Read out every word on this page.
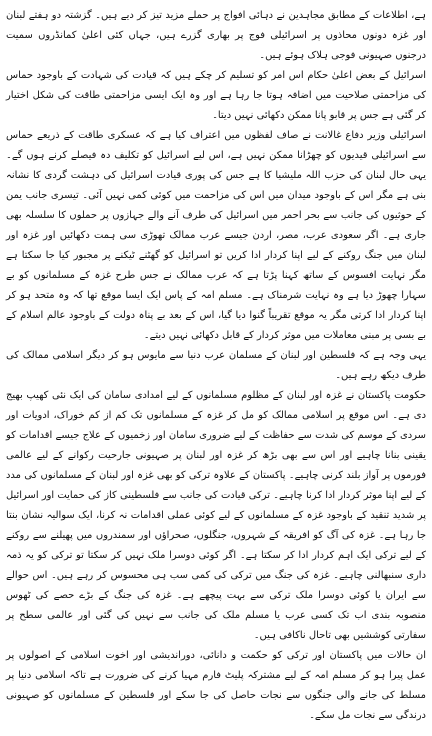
ہے، اطلاعات کے مطابق مجاہدین نے دہائی افواج پر حملے مزید تیز کر دیے ہیں۔ گزشتہ دو ہفتے لبنان اور غزہ دونوں محاذوں پر اسرائیلی فوج پر بھاری گزرے ہیں، جہاں کئی اعلیٰ کمانڈروں سمیت درجنوں صہیونی فوجی ہلاک ہوئے ہیں۔

اسرائیل کے بعض اعلیٰ حکام اس امر کو تسلیم کر چکے ہیں کہ قیادت کی شہادت کے باوجود حماس کی مزاحمتی صلاحیت میں اضافہ ہوتا جا رہا ہے اور وہ ایک ایسی مزاحمتی طاقت کی شکل اختیار کر گئی ہے جس پر قابو پانا ممکن دکھائی نہیں دیتا۔

اسرائیلی وزیر دفاع غالانت نے صاف لفظوں میں اعتراف کیا ہے کہ عسکری طاقت کے ذریعے حماس سے اسرائیلی قیدیوں کو چھڑانا ممکن نہیں ہے، اس لیے اسرائیل کو تکلیف دہ فیصلے کرنے ہوں گے۔ یہی حال لبنان کی حزب اللہ ملیشیا کا ہے جس کی پوری قیادت اسرائیل کی دہشت گردی کا نشانہ بنی ہے مگر اس کے باوجود میدان میں اس کی مزاحمت میں کوئی کمی نہیں آئی۔ تیسری جانب یمن کے حوثیوں کی جانب سے بحر احمر میں اسرائیل کی طرف آنے والے جہازوں پر حملوں کا سلسلہ بھی جاری ہے۔ اگر سعودی عرب، مصر، اردن جیسے عرب ممالک تھوڑی سی ہمت دکھائیں اور غزہ اور لبنان میں جنگ روکنے کے لیے اپنا کردار ادا کریں تو اسرائیل کو گھٹنے ٹیکنے پر مجبور کیا جا سکتا ہے مگر نہایت افسوس کے ساتھ کہنا پڑتا ہے کہ عرب ممالک نے جس طرح غزہ کے مسلمانوں کو بے سہارا چھوڑ دیا ہے وہ نہایت شرمناک ہے۔ مسلم امہ کے پاس ایک ایسا موقع تھا کہ وہ متحد ہو کر اپنا کردار ادا کرتی مگر یہ موقع تقریباً گنوا دیا گیا، اس کے بعد بے پناہ دولت کے باوجود عالم اسلام کے بے بسی پر مبنی معاملات میں موثر کردار کے قابل دکھائی نہیں دیتے۔

یہی وجہ ہے کہ فلسطین اور لبنان کے مسلمان عرب دنیا سے مایوس ہو کر دیگر اسلامی ممالک کی طرف دیکھ رہے ہیں۔

حکومت پاکستان نے غزہ اور لبنان کے مظلوم مسلمانوں کے لیے امدادی سامان کی ایک نئی کھیپ بھیج دی ہے۔ اس موقع پر اسلامی ممالک کو مل کر غزہ کے مسلمانوں تک کم از کم خوراک، ادویات اور سردی کے موسم کی شدت سے حفاظت کے لیے ضروری سامان اور زخمیوں کے علاج جیسے اقدامات کو یقینی بنانا چاہیے اور اس سے بھی بڑھ کر غزہ اور لبنان پر صہیونی جارحیت رکوانے کے لیے عالمی فورموں پر آواز بلند کرنی چاہیے۔ پاکستان کے علاوہ ترکی کو بھی غزہ اور لبنان کے مسلمانوں کی مدد کے لیے اپنا موثر کردار ادا کرنا چاہیے۔ ترکی قیادت کی جانب سے فلسطینی کاز کی حمایت اور اسرائیل پر شدید تنقید کے باوجود غزہ کے مسلمانوں کے لیے کوئی عملی اقدامات نہ کرنا، ایک سوالیہ نشان بنتا جا رہا ہے۔ غزہ کی آگ کو افریقہ کے شہروں، جنگلوں، صحراؤں اور سمندروں میں پھیلنے سے روکنے کے لیے ترکی ایک اہم کردار ادا کر سکتا ہے۔ اگر کوئی دوسرا ملک نہیں کر سکتا تو ترکی کو یہ ذمہ داری سنبھالنی چاہیے۔ غزہ کی جنگ میں ترکی کی کمی سب ہی محسوس کر رہے ہیں۔ اس حوالے سے ایران یا کوئی دوسرا ملک ترکی سے بہت پیچھے ہے۔ غزہ کی جنگ کے بڑے حصے کی ٹھوس منصوبہ بندی اب تک کسی عرب یا مسلم ملک کی جانب سے نہیں کی گئی اور عالمی سطح پر سفارتی کوششیں بھی تاحال ناکافی ہیں۔

ان حالات میں پاکستان اور ترکی کو حکمت و دانائی، دوراندیشی اور اخوت اسلامی کے اصولوں پر عمل پیرا ہو کر مسلم امہ کے لیے مشترکہ پلیٹ فارم مہیا کرنے کی ضرورت ہے تاکہ اسلامی دنیا پر مسلط کی جانے والی جنگوں سے نجات حاصل کی جا سکے اور فلسطین کے مسلمانوں کو صہیونی درندگی سے نجات مل سکے۔
